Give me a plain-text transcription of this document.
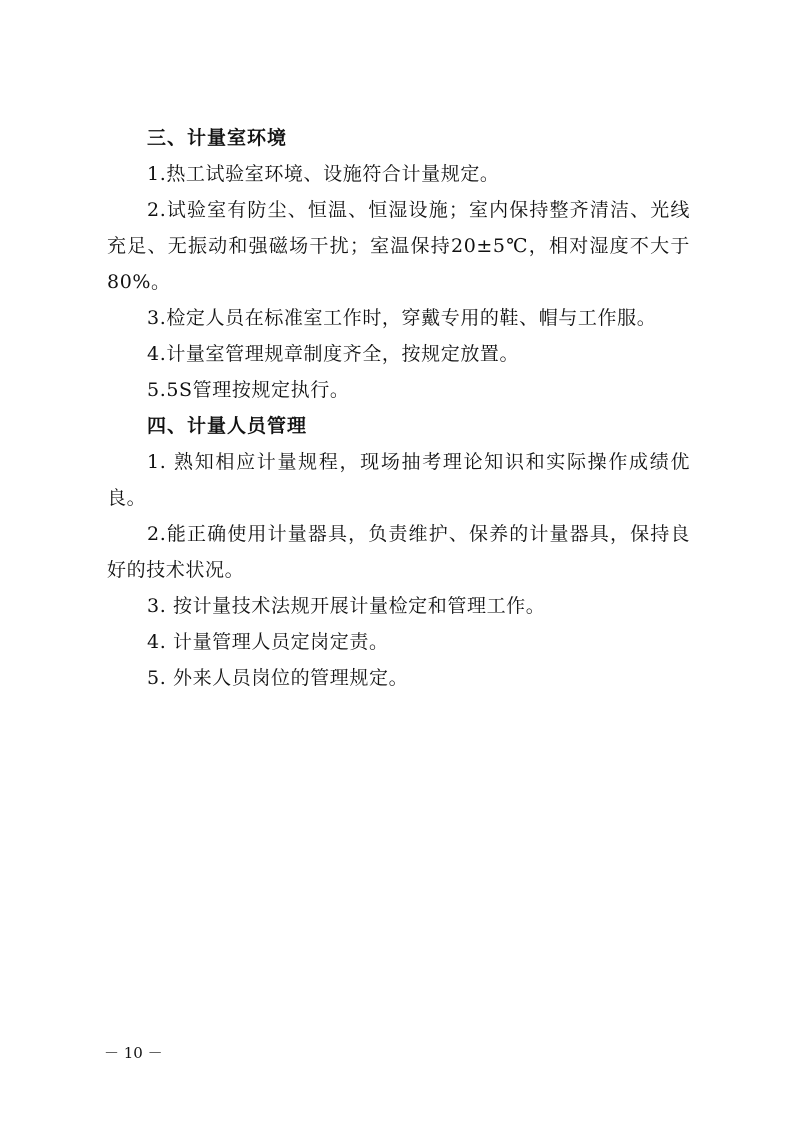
三、计量室环境

1.热工试验室环境、设施符合计量规定。

2.试验室有防尘、恒温、恒湿设施；室内保持整齐清洁、光线充足、无振动和强磁场干扰；室温保持20±5℃，相对湿度不大于80%。

3.检定人员在标准室工作时，穿戴专用的鞋、帽与工作服。

4.计量室管理规章制度齐全，按规定放置。

5.5S管理按规定执行。

四、计量人员管理

1. 熟知相应计量规程，现场抽考理论知识和实际操作成绩优良。

2.能正确使用计量器具，负责维护、保养的计量器具，保持良好的技术状况。

3. 按计量技术法规开展计量检定和管理工作。

4. 计量管理人员定岗定责。

5. 外来人员岗位的管理规定。

－ 10 －
